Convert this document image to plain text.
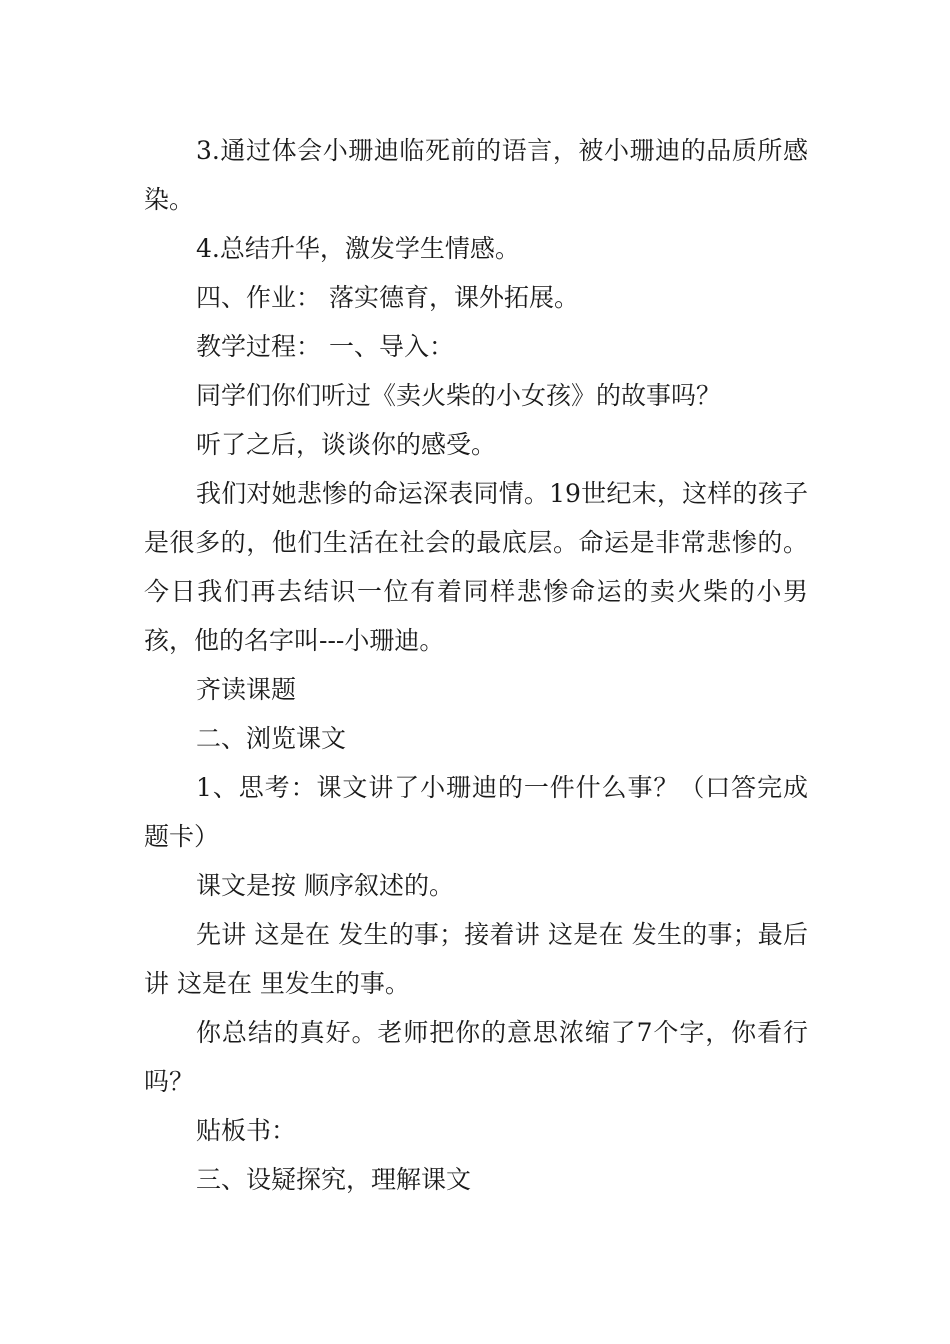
3.通过体会小珊迪临死前的语言，被小珊迪的品质所感染。

4.总结升华，激发学生情感。

四、作业： 落实德育，课外拓展。

教学过程： 一、导入：

同学们你们听过《卖火柴的小女孩》的故事吗？

听了之后，谈谈你的感受。

我们对她悲惨的命运深表同情。19世纪末，这样的孩子是很多的，他们生活在社会的最底层。命运是非常悲惨的。今日我们再去结识一位有着同样悲惨命运的卖火柴的小男孩，他的名字叫---小珊迪。

齐读课题

二、浏览课文

1、思考：课文讲了小珊迪的一件什么事？（口答完成题卡）

课文是按 顺序叙述的。

先讲 这是在 发生的事；接着讲 这是在 发生的事；最后讲 这是在 里发生的事。

你总结的真好。老师把你的意思浓缩了7个字，你看行吗？

贴板书：

三、设疑探究，理解课文
